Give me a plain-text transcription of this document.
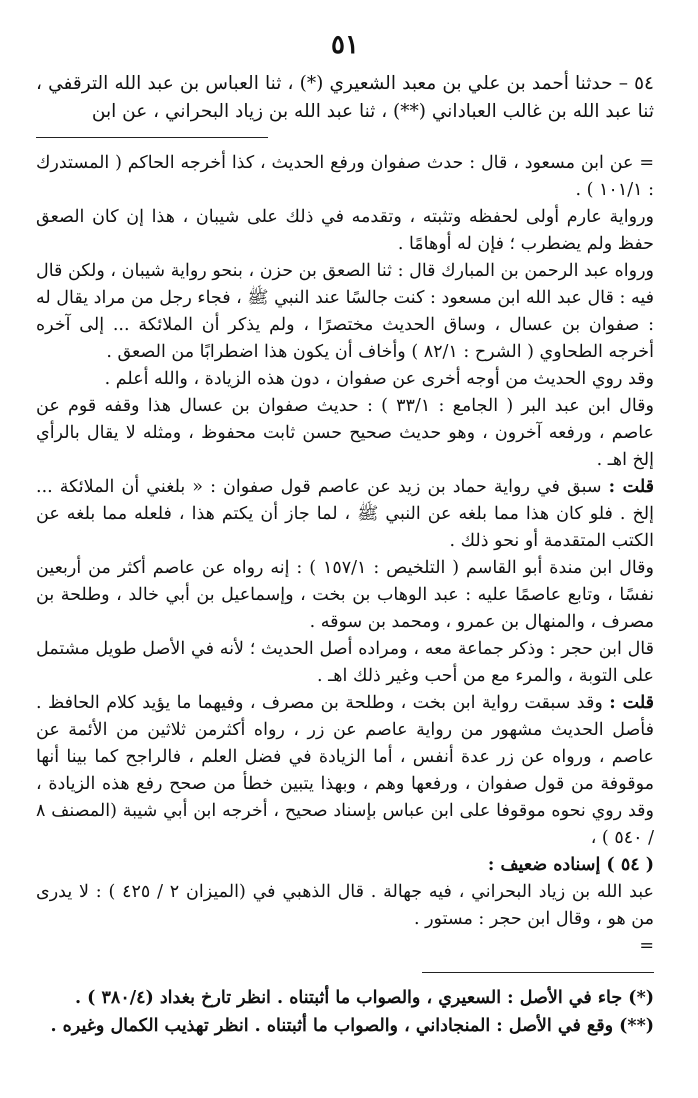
٥١

٥٤ – حدثنا أحمد بن علي بن معبد الشعيري (*) ، ثنا العباس بن عبد الله الترقفي ، ثنا عبد الله بن غالب العباداني (**) ، ثنا عبد الله بن زياد البحراني ، عن ابن

= عن ابن مسعود ، قال : حدث صفوان ورفع الحديث ، كذا أخرجه الحاكم ( المستدرك : ١٠١/١ ) .

ورواية عارم أولى لحفظه وتثبته ، وتقدمه في ذلك على شيبان ، هذا إن كان الصعق حفظ ولم يضطرب ؛ فإن له أوهامًا .

ورواه عبد الرحمن بن المبارك قال : ثنا الصعق بن حزن ، بنحو رواية شيبان ، ولكن قال فيه : قال عبد الله ابن مسعود : كنت جالسًا عند النبي ﷺ ، فجاء رجل من مراد يقال له : صفوان بن عسال ، وساق الحديث مختصرًا ، ولم يذكر أن الملائكة ... إلى آخره أخرجه الطحاوي ( الشرح : ٨٢/١ ) وأخاف أن يكون هذا اضطرابًا من الصعق .

وقد روي الحديث من أوجه أخرى عن صفوان ، دون هذه الزيادة ، والله أعلم .

وقال ابن عبد البر ( الجامع : ٣٣/١ ) : حديث صفوان بن عسال هذا وقفه قوم عن عاصم ، ورفعه آخرون ، وهو حديث صحيح حسن ثابت محفوظ ، ومثله لا يقال بالرأي إلخ اهـ .

قلت : سبق في رواية حماد بن زيد عن عاصم قول صفوان : « بلغني أن الملائكة ... إلخ . فلو كان هذا مما بلغه عن النبي ﷺ ، لما جاز أن يكتم هذا ، فلعله مما بلغه عن الكتب المتقدمة أو نحو ذلك .

وقال ابن مندة أبو القاسم ( التلخيص : ١٥٧/١ ) : إنه رواه عن عاصم أكثر من أربعين نفسًا ، وتابع عاصمًا عليه : عبد الوهاب بن بخت ، وإسماعيل بن أبي خالد ، وطلحة بن مصرف ، والمنهال بن عمرو ، ومحمد بن سوقه .

قال ابن حجر : وذكر جماعة معه ، ومراده أصل الحديث ؛ لأنه في الأصل طويل مشتمل على التوبة ، والمرء مع من أحب وغير ذلك اهـ .

قلت : وقد سبقت رواية ابن بخت ، وطلحة بن مصرف ، وفيهما ما يؤيد كلام الحافظ . فأصل الحديث مشهور من رواية عاصم عن زر ، رواه أكثرمن ثلاثين من الأئمة عن عاصم ، ورواه عن زر عدة أنفس ، أما الزيادة في فضل العلم ، فالراجح كما بينا أنها موقوفة من قول صفوان ، ورفعها وهم ، وبهذا يتبين خطأ من صحح رفع هذه الزيادة ، وقد روي نحوه موقوفا على ابن عباس بإسناد صحيح ، أخرجه ابن أبي شيبة (المصنف ٨ / ٥٤٠ ) ،

( ٥٤ ) إسناده ضعيف :

عبد الله بن زياد البحراني ، فيه جهالة . قال الذهبي في (الميزان ٢ / ٤٢٥ ) : لا يدرى من هو ، وقال ابن حجر : مستور .

=

(*) جاء في الأصل : السعيري ، والصواب ما أثبتناه . انظر تارخ بغداد (٣٨٠/٤ ) .

(**) وقع في الأصل : المنجاداني ، والصواب ما أثبتناه . انظر تهذيب الكمال وغيره .
